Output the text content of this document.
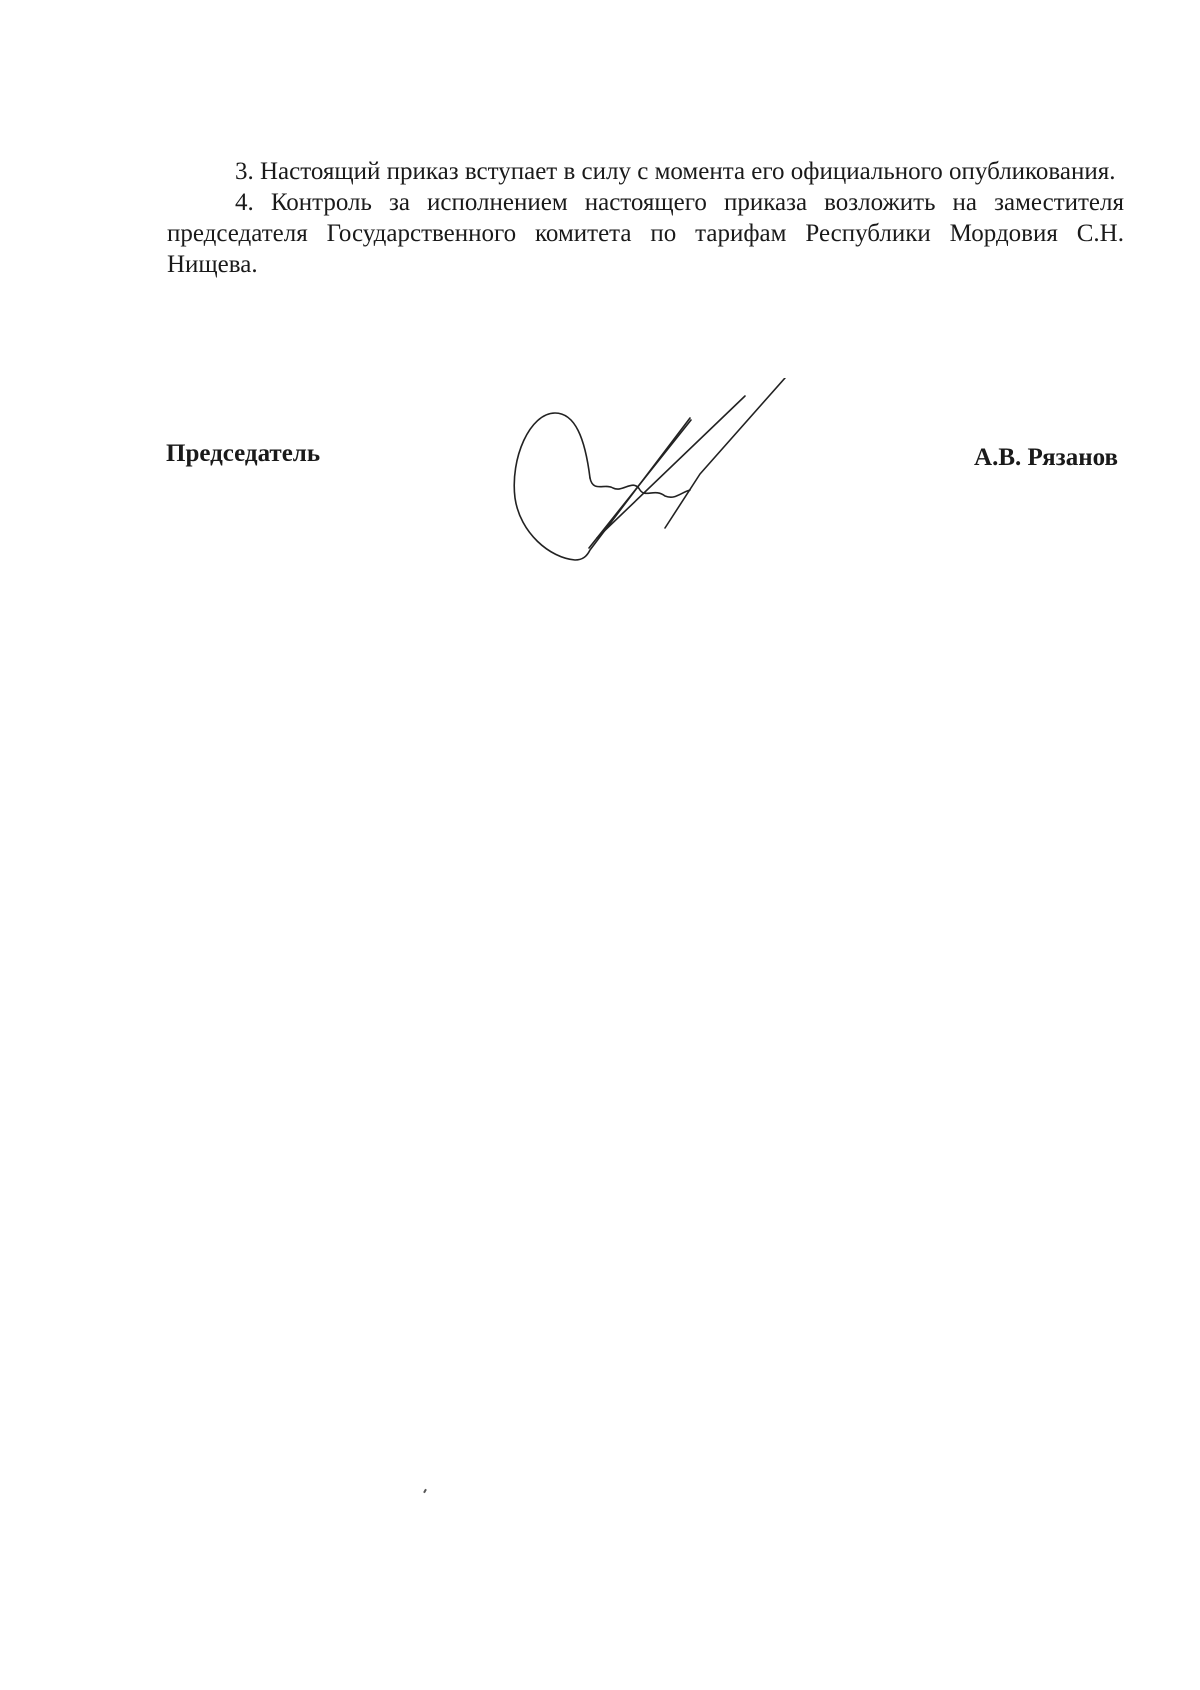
3. Настоящий приказ вступает в силу с момента его официального опубликования.

4. Контроль за исполнением настоящего приказа возложить на заместителя председателя Государственного комитета по тарифам Республики Мордовия С.Н. Нищева.

Председатель	А.В. Рязанов
